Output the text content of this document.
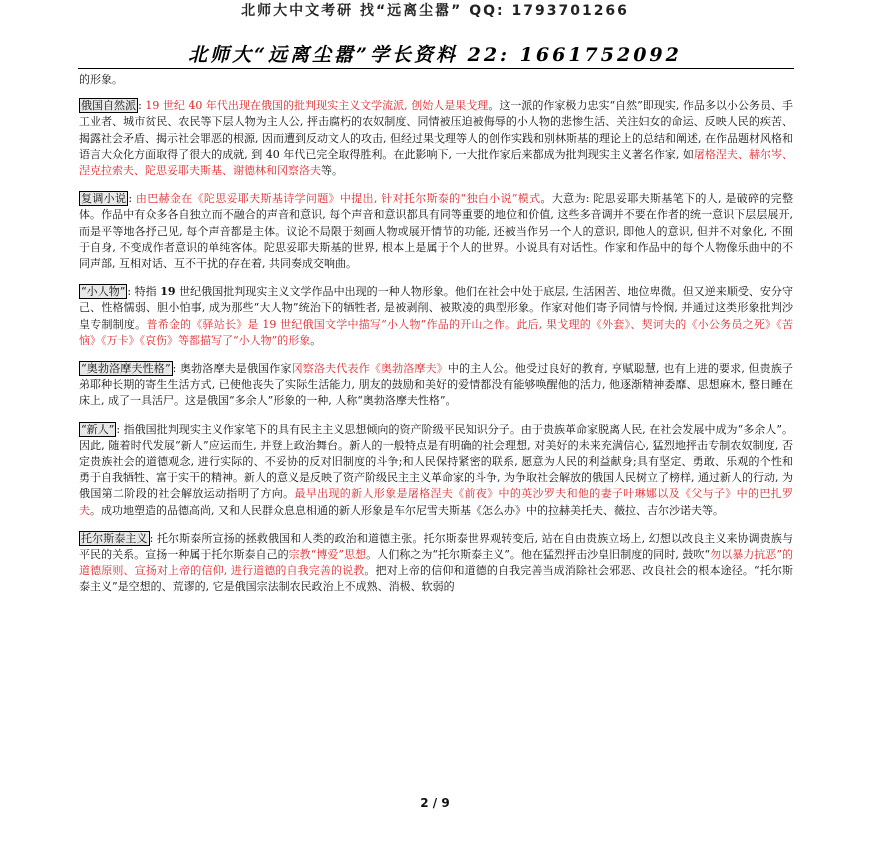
北师大中文考研 找“远离尘嚣” QQ: 1793701266
北师大“远离尘嚣”学长资料 22: 1661752092

的形象。

俄国自然派 : 19 世纪 40 年代出现在俄国的批判现实主义文学流派, 创始人是果戈理。这一派的作家极力忠实“自然”即现实, 作品多以小公务员、手工业者、城市贫民、农民等下层人物为主人公, 抨击腐朽的农奴制度、同情被压迫被侮辱的小人物的悲惨生活、关注妇女的命运、反映人民的疾苦、揭露社会矛盾、揭示社会罪恶的根源, 因而遭到反动文人的攻击, 但经过果戈理等人的创作实践和别林斯基的理论上的总结和阐述, 在作品题材风格和语言大众化方面取得了很大的成就, 到 40 年代已完全取得胜利。在此影响下, 一大批作家后来都成为批判现实主义著名作家, 如屠格涅夫、赫尔岑、涅克拉索夫、陀思妥耶夫斯基、谢德林和冈察洛夫等。

复调小说 : 由巴赫金在《陀思妥耶夫斯基诗学问题》中提出, 针对托尔斯泰的“独白小说”模式。大意为: 陀思妥耶夫斯基笔下的人, 是破碎的完整体。作品中有众多各自独立而不融合的声音和意识, 每个声音和意识都具有同等重要的地位和价值, 这些多音调并不要在作者的统一意识下层层展开, 而是平等地各抒己见, 每个声音都是主体。议论不局限于刻画人物或展开情节的功能, 还被当作另一个人的意识, 即他人的意识, 但并不对象化, 不囿于自身, 不变成作者意识的单纯客体。陀思妥耶夫斯基的世界, 根本上是属于个人的世界。小说具有对话性。作家和作品中的每个人物像乐曲中的不同声部, 互相对话、互不干扰的存在着, 共同奏成交响曲。

“小人物” : 特指 19 世纪俄国批判现实主义文学作品中出现的一种人物形象。他们在社会中处于底层, 生活困苦、地位卑微。但又逆来顺受、安分守己、性格懦弱、胆小怕事, 成为那些“大人物”统治下的牺牲者, 是被剥削、被欺凌的典型形象。作家对他们寄予同情与怜悯, 并通过这类形象批判沙皇专制制度。普希金的《驿站长》是 19 世纪俄国文学中描写“小人物”作品的开山之作。此后, 果戈理的《外套》、契诃夫的《小公务员之死》《苦恼》《万卡》《哀伤》等都描写了“小人物”的形象。

“奥勃洛摩夫性格” : 奥勃洛摩夫是俄国作家冈察洛夫代表作《奥勃洛摩夫》中的主人公。他受过良好的教育, 亨赋聪慧, 也有上进的要求, 但贵族子弟耶种长期的寄生生活方式, 已使他丧失了实际生活能力, 朋友的鼓励和美好的爱情都没有能够唤醒他的活力, 他逐渐精神委靡、思想麻木, 整日睡在床上, 成了一具活尸。这是俄国“多余人”形象的一种, 人称“奥勃洛摩夫性格”。

“新人” : 指俄国批判现实主义作家笔下的具有民主主义思想倾向的资产阶级平民知识分子。由于贵族革命家脱离人民, 在社会发展中成为“多余人”。因此, 随着时代发展“新人”应运而生, 并登上政治舞台。新人的一般特点是有明确的社会理想, 对美好的未来充满信心, 猛烈地抨击专制农奴制度, 否定贵族社会的道德观念, 进行实际的、不妥协的反对旧制度的斗争;和人民保持紧密的联系, 愿意为人民的利益献身;具有坚定、勇敢、乐观的个性和勇于自我牺牲、富于实干的精神。新人的意义是反映了资产阶级民主主义革命家的斗争, 为争取社会解放的俄国人民树立了榜样, 通过新人的行动, 为俄国第二阶段的社会解放运动指明了方向。最早出现的新人形象是屠格涅夫《前夜》中的英沙罗夫和他的妻子叶琳娜以及《父与子》中的巴扎罗夫。成功地塑造的品德高尚, 又和人民群众息息相通的新人形象是车尔尼雪夫斯基《怎么办》中的拉赫美托夫、薇拉、吉尔沙诺夫等。

托尔斯泰主义 : 托尔斯泰所宣扬的拯救俄国和人类的政治和道德主张。托尔斯泰世界观转变后, 站在自由贵族立场上, 幻想以改良主义来协调贵族与平民的关系。宣扬一种属于托尔斯泰自己的宗教“博爱”思想。人们称之为“托尔斯泰主义”。他在猛烈抨击沙皇旧制度的同时, 鼓吹“勿以暴力抗恶”的道德原则、宣扬对上帝的信仰, 进行道德的自我完善的说教。把对上帝的信仰和道德的自我完善当成消除社会邪恶、改良社会的根本途径。“托尔斯泰主义”是空想的、荒谬的, 它是俄国宗法制农民政治上不成熟、消极、软弱的

2 / 9
